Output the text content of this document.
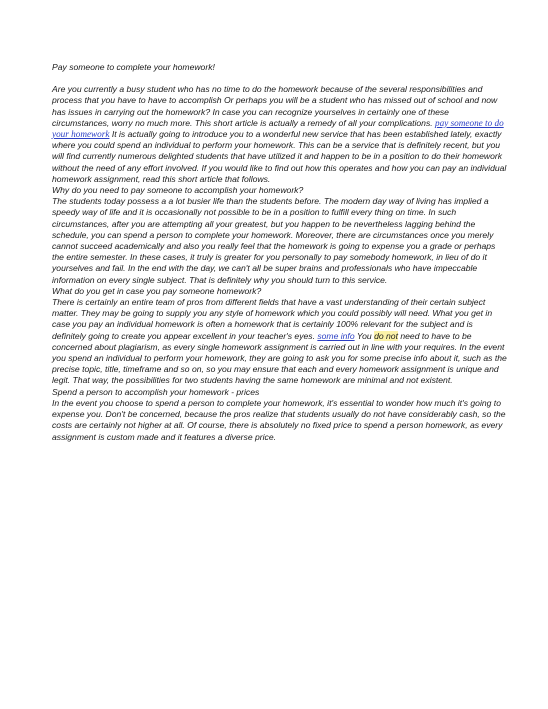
Pay someone to complete your homework!

Are you currently a busy student who has no time to do the homework because of the several responsibilities and process that you have to have to accomplish Or perhaps you will be a student who has missed out of school and now has issues in carrying out the homework? In case you can recognize yourselves in certainly one of these circumstances, worry no much more. This short article is actually a remedy of all your complications. pay someone to do your homework It is actually going to introduce you to a wonderful new service that has been established lately, exactly where you could spend an individual to perform your homework. This can be a service that is definitely recent, but you will find currently numerous delighted students that have utilized it and happen to be in a position to do their homework without the need of any effort involved. If you would like to find out how this operates and how you can pay an individual homework assignment, read this short article that follows.

Why do you need to pay someone to accomplish your homework?

The students today possess a a lot busier life than the students before. The modern day way of living has implied a speedy way of life and it is occasionally not possible to be in a position to fulfill every thing on time. In such circumstances, after you are attempting all your greatest, but you happen to be nevertheless lagging behind the schedule, you can spend a person to complete your homework. Moreover, there are circumstances once you merely cannot succeed academically and also you really feel that the homework is going to expense you a grade or perhaps the entire semester. In these cases, it truly is greater for you personally to pay somebody homework, in lieu of do it yourselves and fail. In the end with the day, we can't all be super brains and professionals who have impeccable information on every single subject. That is definitely why you should turn to this service.

What do you get in case you pay someone homework?

There is certainly an entire team of pros from different fields that have a vast understanding of their certain subject matter. They may be going to supply you any style of homework which you could possibly will need. What you get in case you pay an individual homework is often a homework that is certainly 100% relevant for the subject and is definitely going to create you appear excellent in your teacher's eyes. some info You do not need to have to be concerned about plagiarism, as every single homework assignment is carried out in line with your requires. In the event you spend an individual to perform your homework, they are going to ask you for some precise info about it, such as the precise topic, title, timeframe and so on, so you may ensure that each and every homework assignment is unique and legit. That way, the possibilities for two students having the same homework are minimal and not existent.

Spend a person to accomplish your homework - prices

In the event you choose to spend a person to complete your homework, it's essential to wonder how much it's going to expense you. Don't be concerned, because the pros realize that students usually do not have considerably cash, so the costs are certainly not higher at all. Of course, there is absolutely no fixed price to spend a person homework, as every assignment is custom made and it features a diverse price.
